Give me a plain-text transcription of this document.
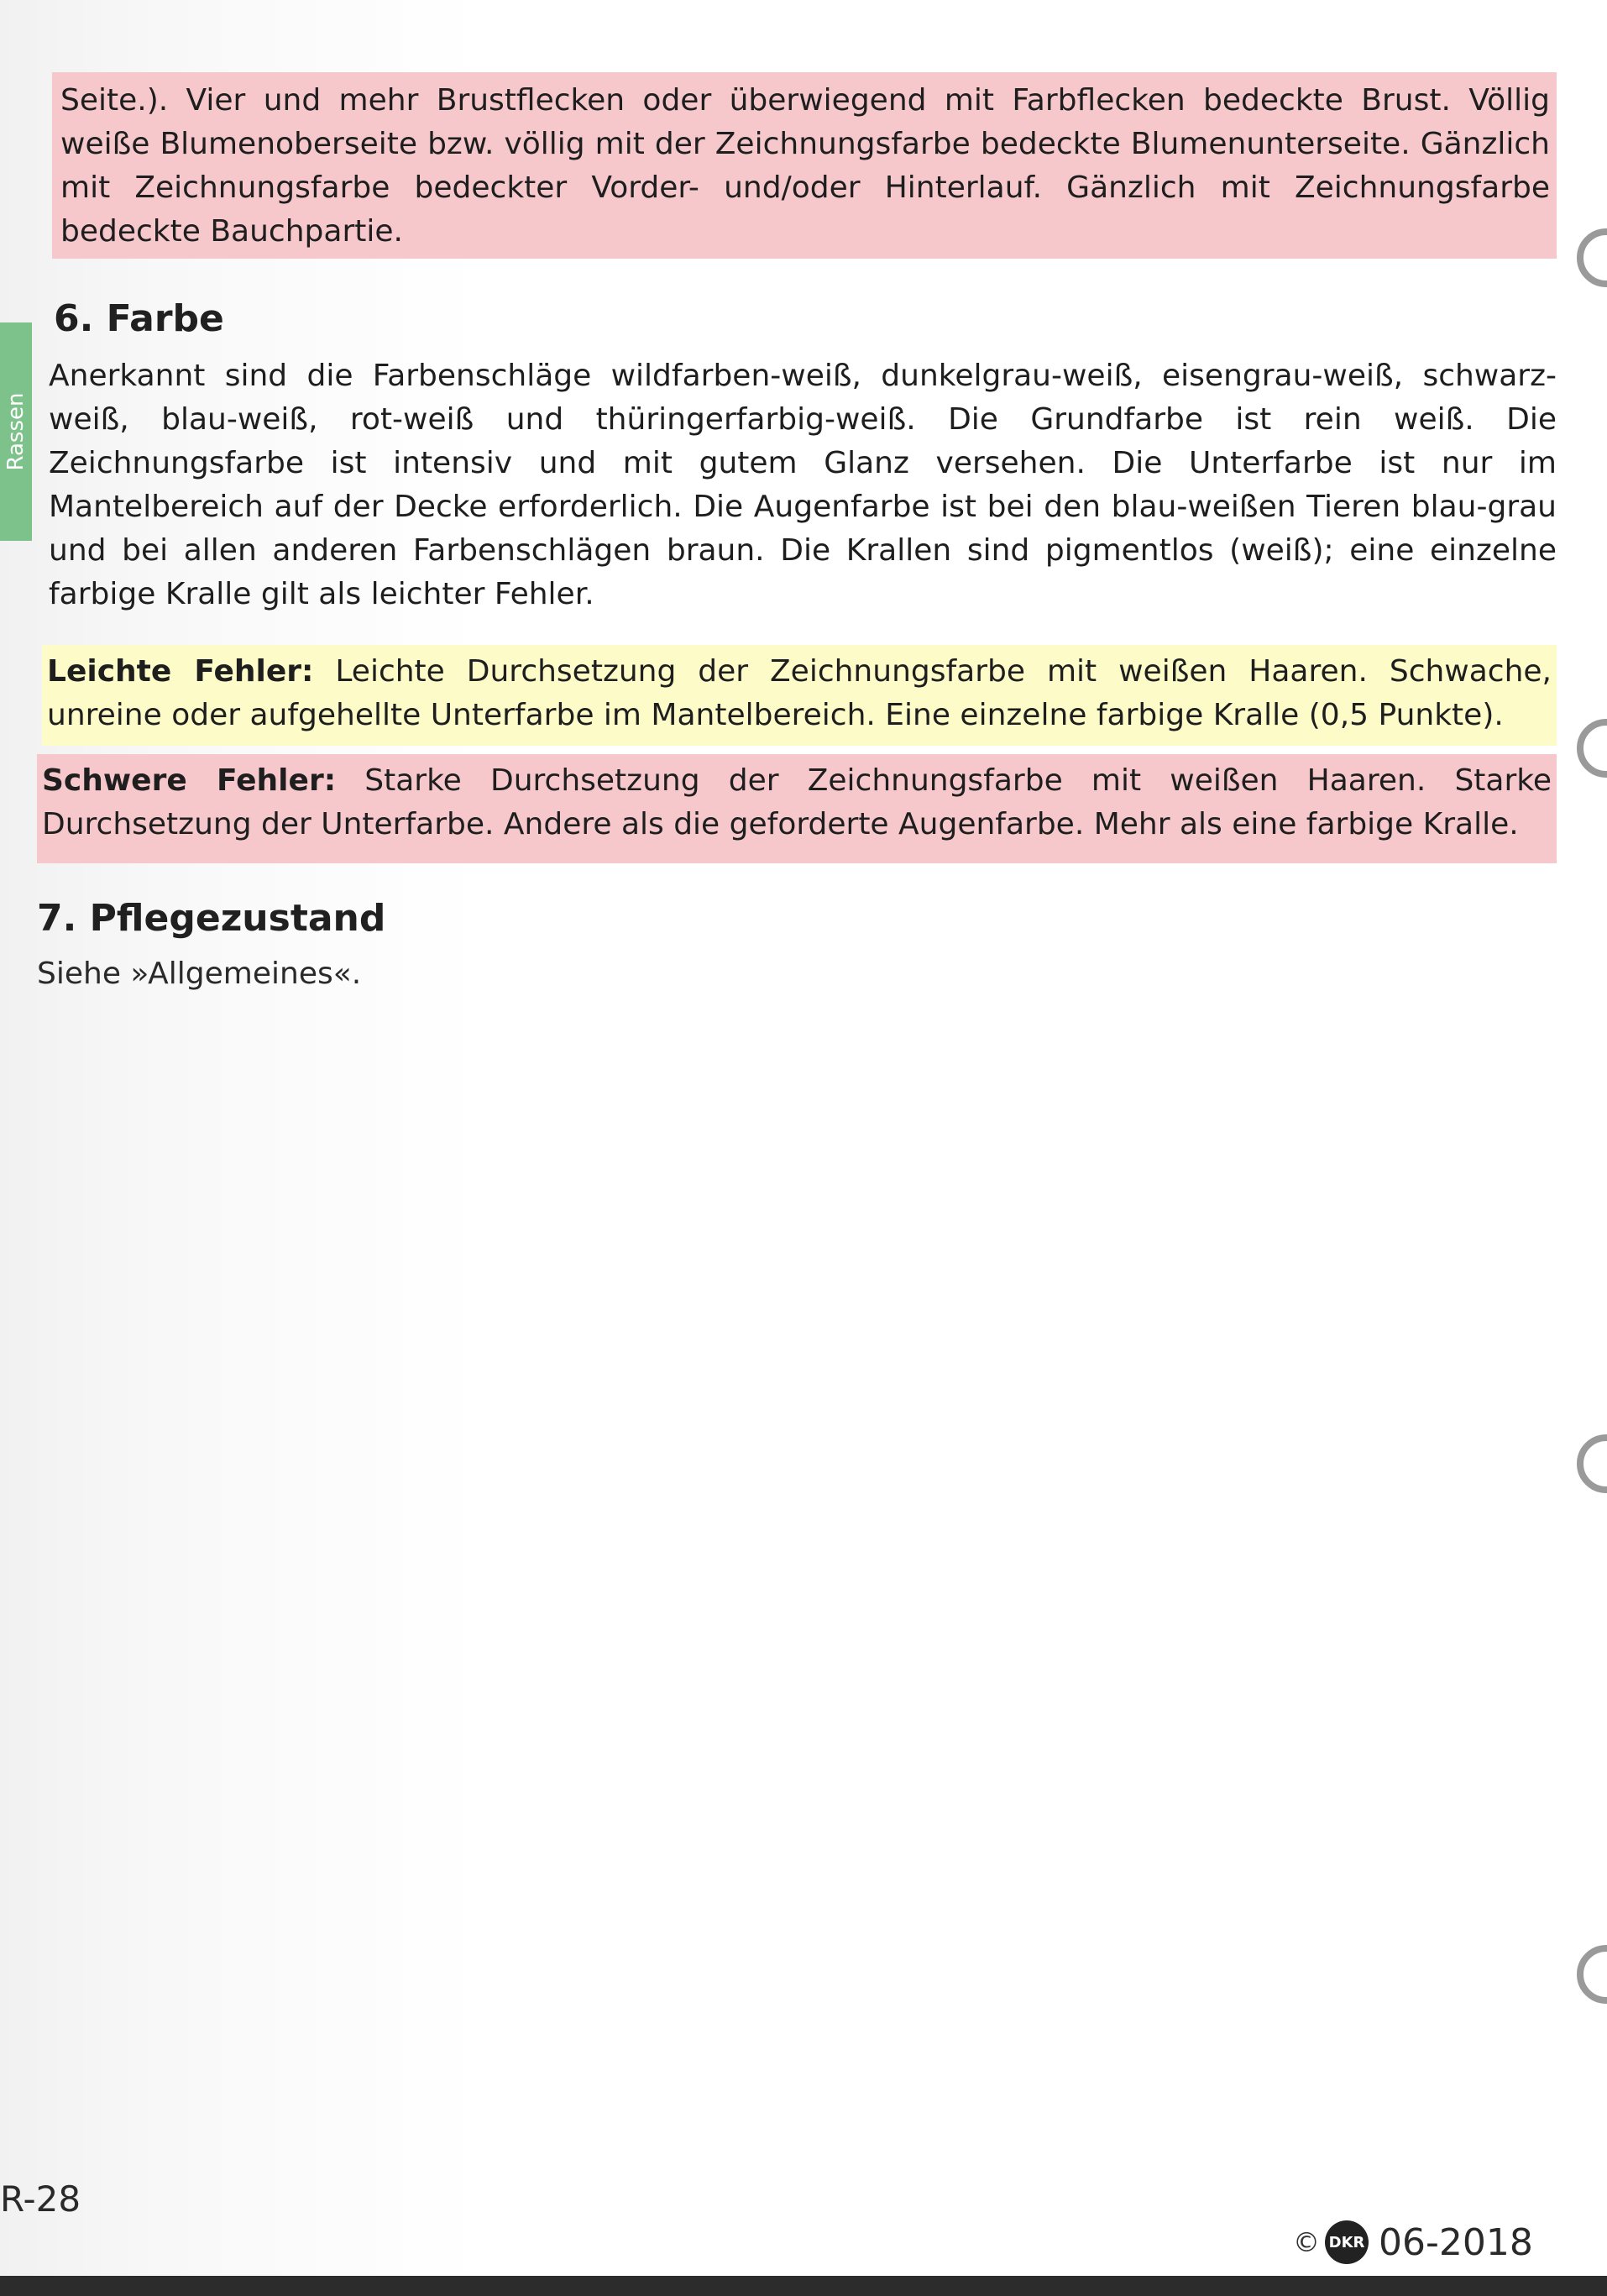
Rassen
Seite.). Vier und mehr Brustflecken oder überwiegend mit Farbflecken bedeckte Brust. Völlig weiße Blumenoberseite bzw. völlig mit der Zeichnungsfarbe bedeckte Blumenunterseite. Gänzlich mit Zeichnungsfarbe bedeckter Vorder- und/oder Hinterlauf. Gänzlich mit Zeichnungsfarbe bedeckte Bauchpartie.
6. Farbe
Anerkannt sind die Farbenschläge wildfarben-weiß, dunkelgrau-weiß, eisengrau-weiß, schwarz-weiß, blau-weiß, rot-weiß und thüringerfarbig-weiß. Die Grundfarbe ist rein weiß. Die Zeichnungsfarbe ist intensiv und mit gutem Glanz versehen. Die Unterfarbe ist nur im Mantelbereich auf der Decke erforderlich. Die Augenfarbe ist bei den blau-weißen Tieren blau-grau und bei allen anderen Farbenschlägen braun. Die Krallen sind pigmentlos (weiß); eine einzelne farbige Kralle gilt als leichter Fehler.
Leichte Fehler: Leichte Durchsetzung der Zeichnungsfarbe mit weißen Haaren. Schwache, unreine oder aufgehellte Unterfarbe im Mantelbereich. Eine einzelne farbige Kralle (0,5 Punkte).
Schwere Fehler: Starke Durchsetzung der Zeichnungsfarbe mit weißen Haaren. Starke Durchsetzung der Unterfarbe. Andere als die geforderte Augenfarbe. Mehr als eine farbige Kralle.
7. Pflegezustand
Siehe »Allgemeines«.
R-28
© DKR 06-2018
